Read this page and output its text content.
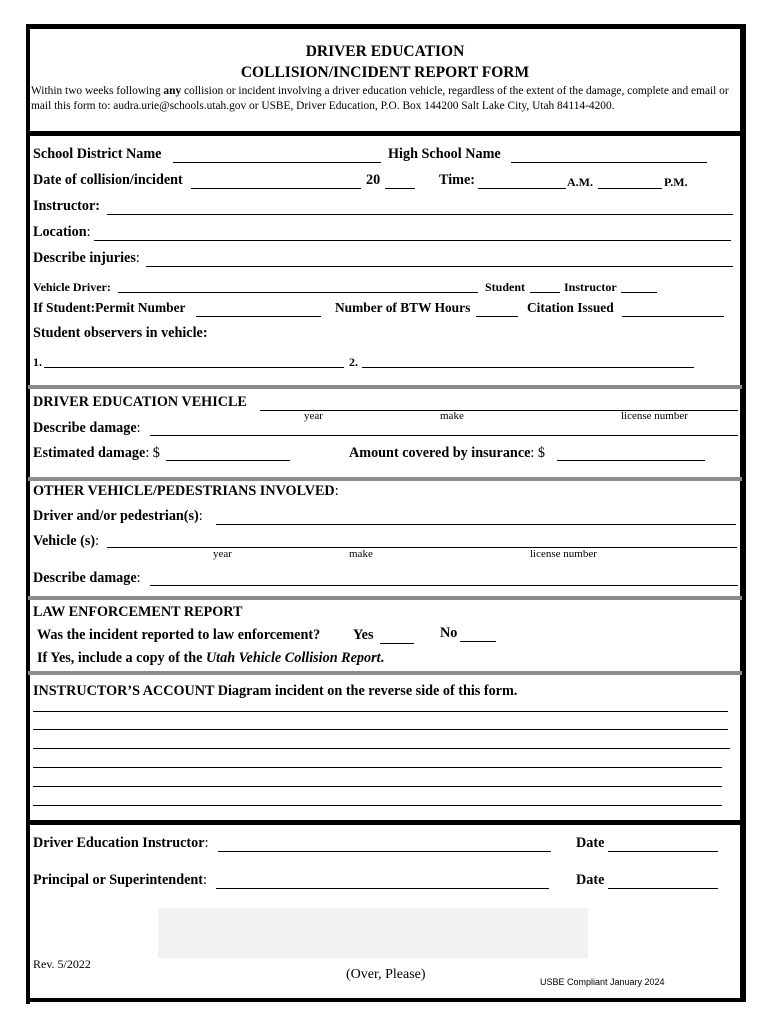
DRIVER EDUCATION
COLLISION/INCIDENT REPORT FORM
Within two weeks following any collision or incident involving a driver education vehicle, regardless of the extent of the damage, complete and email or mail this form to: audra.urie@schools.utah.gov or USBE, Driver Education, P.O. Box 144200 Salt Lake City, Utah 84114-4200.
School District Name	High School Name
Date of collision/incident	20	Time:	A.M.	P.M.
Instructor:
Location:
Describe injuries:
Vehicle Driver:	Student	Instructor
If Student:Permit Number	Number of BTW Hours	Citation Issued
Student observers in vehicle:
1.	2.
DRIVER EDUCATION VEHICLE
year	make	license number
Describe damage:
Estimated damage: $	Amount covered by insurance: $
OTHER VEHICLE/PEDESTRIANS INVOLVED:
Driver and/or pedestrian(s):
Vehicle (s):
year	make	license number
Describe damage:
LAW ENFORCEMENT REPORT
Was the incident reported to law enforcement? Yes	No
If Yes, include a copy of the Utah Vehicle Collision Report.
INSTRUCTOR’S ACCOUNT Diagram incident on the reverse side of this form.
Driver Education Instructor:	Date
Principal or Superintendent:	Date
Rev. 5/2022
(Over, Please)	USBE Compliant January 2024
